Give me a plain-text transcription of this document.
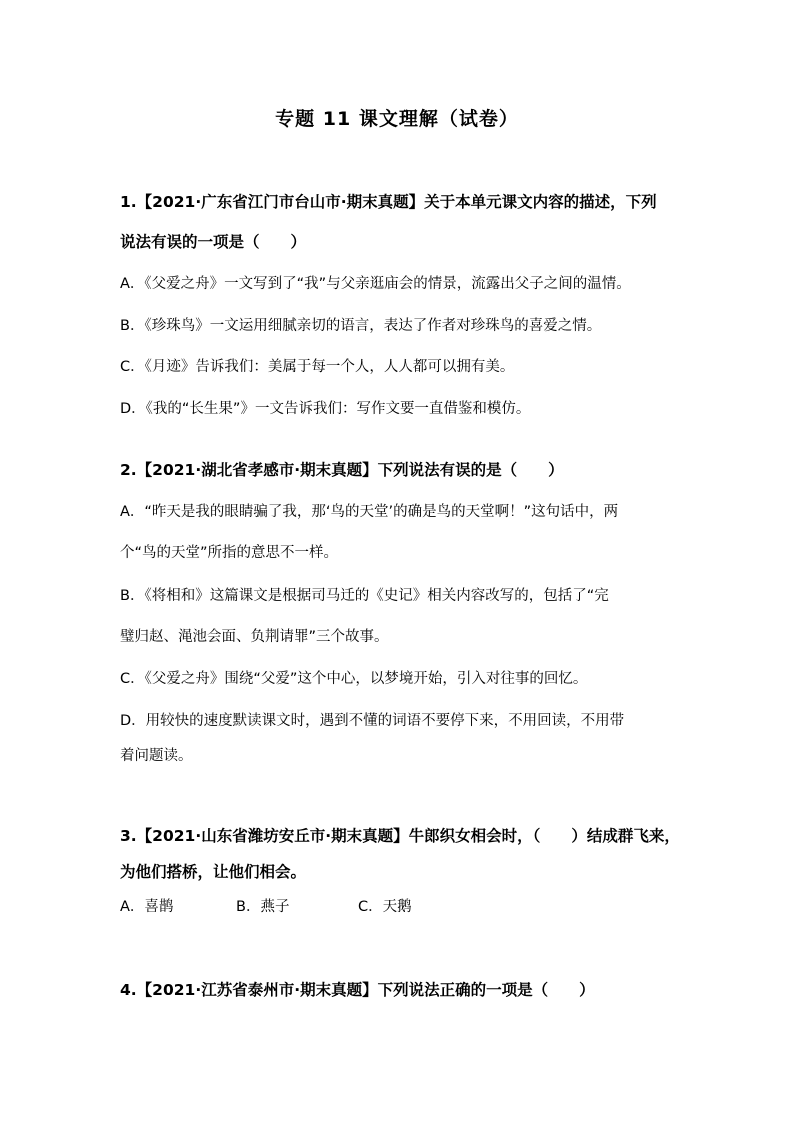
专题 11 课文理解（试卷）
1.【2021·广东省江门市台山市·期末真题】关于本单元课文内容的描述，下列
说法有误的一项是（　　）
A．《父爱之舟》一文写到了“我”与父亲逛庙会的情景，流露出父子之间的温情。
B．《珍珠鸟》一文运用细腻亲切的语言，表达了作者对珍珠鸟的喜爱之情。
C．《月迹》告诉我们：美属于每一个人，人人都可以拥有美。
D．《我的“长生果”》一文告诉我们：写作文要一直借鉴和模仿。
2.【2021·湖北省孝感市·期末真题】下列说法有误的是（　　）
A．“昨天是我的眼睛骗了我，那‘鸟的天堂’的确是鸟的天堂啊！”这句话中，两
个“鸟的天堂”所指的意思不一样。
B．《将相和》这篇课文是根据司马迁的《史记》相关内容改写的，包括了“完
璧归赵、渑池会面、负荆请罪”三个故事。
C．《父爱之舟》围绕“父爱”这个中心，以梦境开始，引入对往事的回忆。
D．用较快的速度默读课文时，遇到不懂的词语不要停下来，不用回读，不用带
着问题读。
3.【2021·山东省潍坊安丘市·期末真题】牛郎织女相会时，（　　）结成群飞来，
为他们搭桥，让他们相会。
A．喜鹊	B．燕子	C．天鹅
4.【2021·江苏省泰州市·期末真题】下列说法正确的一项是（　　）
